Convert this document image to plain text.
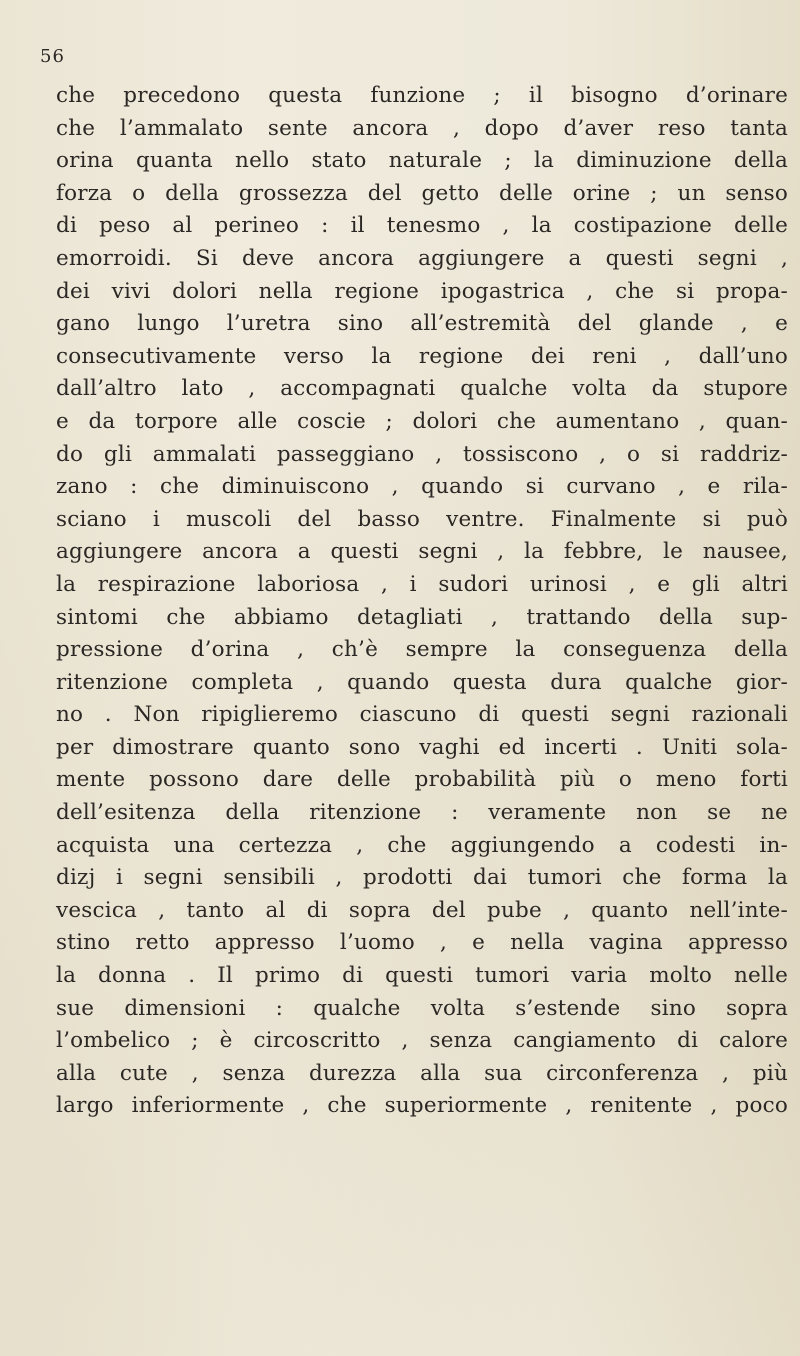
56
che precedono questa funzione ; il bisogno d’orinare
che l’ammalato sente ancora , dopo d’aver reso tanta
orina quanta nello stato naturale ; la diminuzione della
forza o della grossezza del getto delle orine ; un senso
di peso al perineo : il tenesmo , la costipazione delle
emorroidi. Si deve ancora aggiungere a questi segni ,
dei vivi dolori nella regione ipogastrica , che si propa-
gano lungo l’uretra sino all’estremità del glande , e
consecutivamente verso la regione dei reni , dall’uno
dall’altro lato , accompagnati qualche volta da stupore
e da torpore alle coscie ; dolori che aumentano , quan-
do gli ammalati passeggiano , tossiscono , o si raddriz-
zano : che diminuiscono , quando si curvano , e rila-
sciano i muscoli del basso ventre. Finalmente si può
aggiungere ancora a questi segni , la febbre, le nausee,
la respirazione laboriosa , i sudori urinosi , e gli altri
sintomi che abbiamo detagliati , trattando della sup-
pressione d’orina , ch’è sempre la conseguenza della
ritenzione completa , quando questa dura qualche gior-
no . Non ripiglieremo ciascuno di questi segni razionali
per dimostrare quanto sono vaghi ed incerti . Uniti sola-
mente possono dare delle probabilità più o meno forti
dell’esitenza della ritenzione : veramente non se ne
acquista una certezza , che aggiungendo a codesti in-
dizj i segni sensibili , prodotti dai tumori che forma la
vescica , tanto al di sopra del pube , quanto nell’inte-
stino retto appresso l’uomo , e nella vagina appresso
la donna . Il primo di questi tumori varia molto nelle
sue dimensioni : qualche volta s’estende sino sopra
l’ombelico ; è circoscritto , senza cangiamento di calore
alla cute , senza durezza alla sua circonferenza , più
largo inferiormente , che superiormente , renitente , poco
